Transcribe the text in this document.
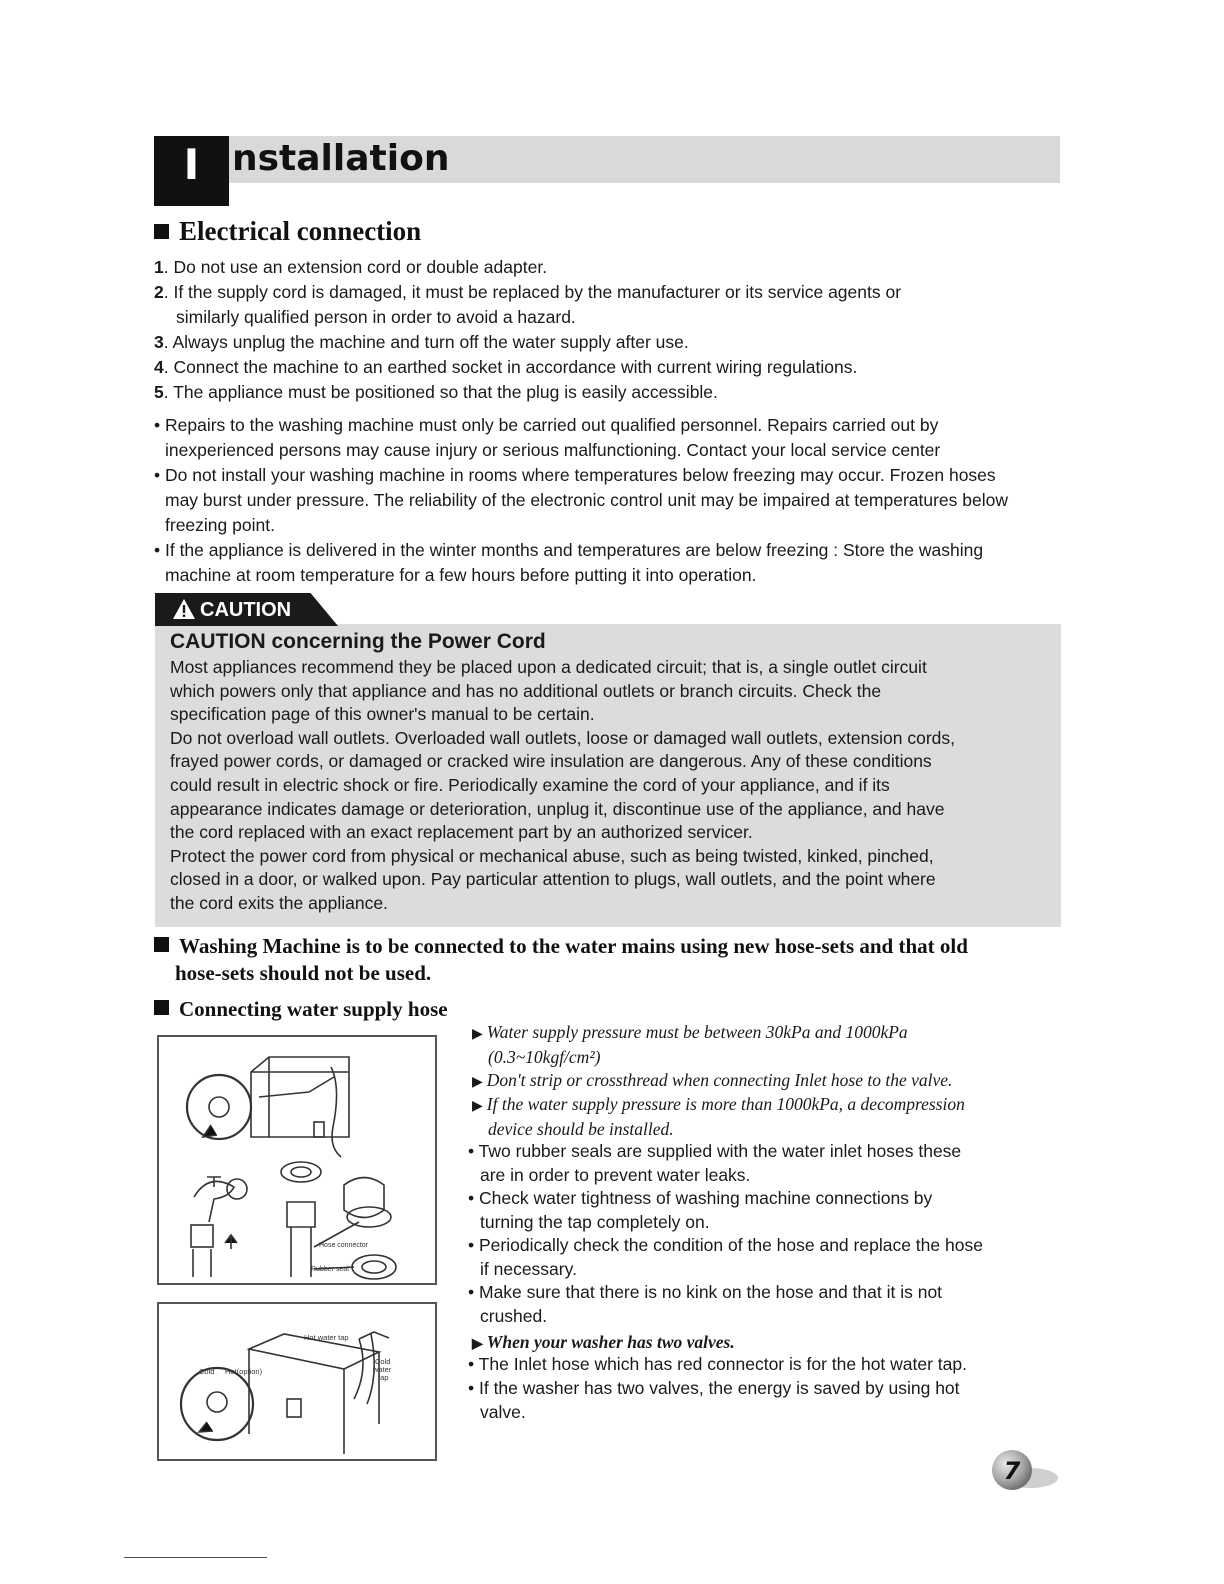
I nstallation
Electrical connection
1. Do not use an extension cord or double adapter.
2. If the supply cord is damaged, it must be replaced by the manufacturer or its service agents or
similarly qualified person in order to avoid a hazard.
3. Always unplug the machine and turn off the water supply after use.
4. Connect the machine to an earthed socket in accordance with current wiring regulations.
5. The appliance must be positioned so that the plug is easily accessible.
• Repairs to the washing machine must only be carried out qualified personnel. Repairs carried out by
inexperienced persons may cause injury or serious malfunctioning. Contact your local service center
• Do not install your washing machine in rooms where temperatures below freezing may occur. Frozen hoses
may burst under pressure. The reliability of the electronic control unit may be impaired at temperatures below
freezing point.
• If the appliance is delivered in the winter months and temperatures are below freezing : Store the washing
machine at room temperature for a few hours before putting it into operation.
CAUTION
CAUTION concerning the Power Cord

Most appliances recommend they be placed upon a dedicated circuit; that is, a single outlet circuit

which powers only that appliance and has no additional outlets or branch circuits. Check the

specification page of this owner's manual to be certain.

Do not overload wall outlets. Overloaded wall outlets, loose or damaged wall outlets, extension cords,

frayed power cords, or damaged or cracked wire insulation are dangerous. Any of these conditions

could result in electric shock or fire. Periodically examine the cord of your appliance, and if its

appearance indicates damage or deterioration, unplug it, discontinue use of the appliance, and have

the cord replaced with an exact replacement part by an authorized servicer.

Protect the power cord from physical or mechanical abuse, such as being twisted, kinked, pinched,

closed in a door, or walked upon. Pay particular attention to plugs, wall outlets, and the point where

the cord exits the appliance.

Washing Machine is to be connected to the water mains using new hose-sets and that old
hose-sets should not be used.
Connecting water supply hose
Hose connector
Rubber seal
Hot water tap
Cold
water
tap
Cold Hot(option)
▶ Water supply pressure must be between 30kPa and 1000kPa
(0.3~10kgf/cm²)
▶ Don't strip or crossthread when connecting Inlet hose to the valve.
▶ If the water supply pressure is more than 1000kPa, a decompression
device should be installed.
• Two rubber seals are supplied with the water inlet hoses these
are in order to prevent water leaks.
• Check water tightness of washing machine connections by
turning the tap completely on.
• Periodically check the condition of the hose and replace the hose
if necessary.
• Make sure that there is no kink on the hose and that it is not
crushed.
▶ When your washer has two valves.
• The Inlet hose which has red connector is for the hot water tap.
• If the washer has two valves, the energy is saved by using hot
valve.
7
